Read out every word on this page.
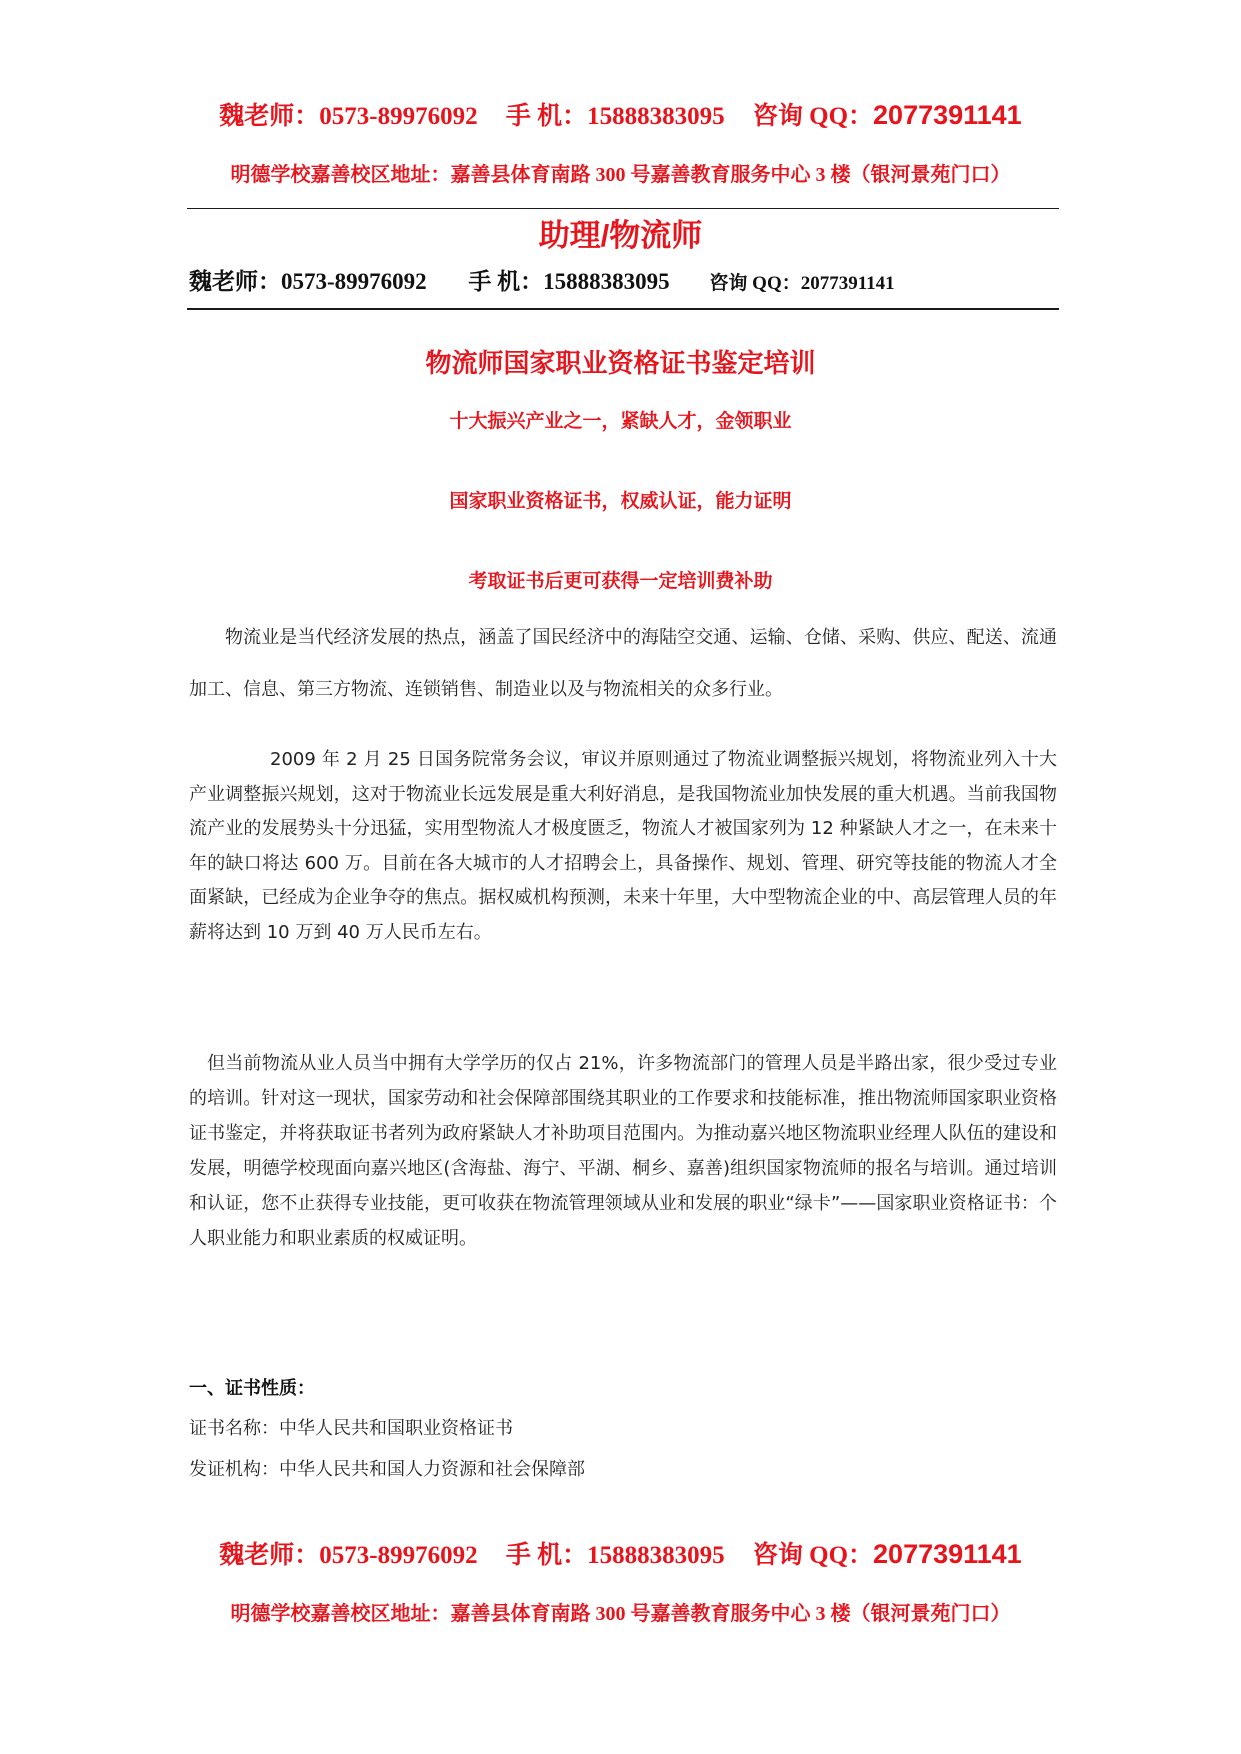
魏老师：0573-89976092 手 机：15888383095 咨询 QQ：2077391141
明德学校嘉善校区地址：嘉善县体育南路 300 号嘉善教育服务中心 3 楼（银河景苑门口）
助理/物流师
魏老师：0573-89976092 手 机：15888383095 咨询 QQ：2077391141
物流师国家职业资格证书鉴定培训
十大振兴产业之一，紧缺人才，金领职业
国家职业资格证书，权威认证，能力证明
考取证书后更可获得一定培训费补助

物流业是当代经济发展的热点，涵盖了国民经济中的海陆空交通、运输、仓储、采购、供应、配送、流通加工、信息、第三方物流、连锁销售、制造业以及与物流相关的众多行业。

2009 年 2 月 25 日国务院常务会议，审议并原则通过了物流业调整振兴规划，将物流业列入十大产业调整振兴规划，这对于物流业长远发展是重大利好消息，是我国物流业加快发展的重大机遇。当前我国物流产业的发展势头十分迅猛，实用型物流人才极度匮乏，物流人才被国家列为 12 种紧缺人才之一，在未来十年的缺口将达 600 万。目前在各大城市的人才招聘会上，具备操作、规划、管理、研究等技能的物流人才全面紧缺，已经成为企业争夺的焦点。据权威机构预测，未来十年里，大中型物流企业的中、高层管理人员的年薪将达到 10 万到 40 万人民币左右。

但当前物流从业人员当中拥有大学学历的仅占 21%，许多物流部门的管理人员是半路出家，很少受过专业的培训。针对这一现状，国家劳动和社会保障部围绕其职业的工作要求和技能标准，推出物流师国家职业资格证书鉴定，并将获取证书者列为政府紧缺人才补助项目范围内。为推动嘉兴地区物流职业经理人队伍的建设和发展，明德学校现面向嘉兴地区(含海盐、海宁、平湖、桐乡、嘉善)组织国家物流师的报名与培训。通过培训和认证，您不止获得专业技能，更可收获在物流管理领域从业和发展的职业“绿卡”——国家职业资格证书：个人职业能力和职业素质的权威证明。

一、证书性质：
证书名称：中华人民共和国职业资格证书
发证机构：中华人民共和国人力资源和社会保障部
魏老师：0573-89976092 手 机：15888383095 咨询 QQ：2077391141
明德学校嘉善校区地址：嘉善县体育南路 300 号嘉善教育服务中心 3 楼（银河景苑门口）
